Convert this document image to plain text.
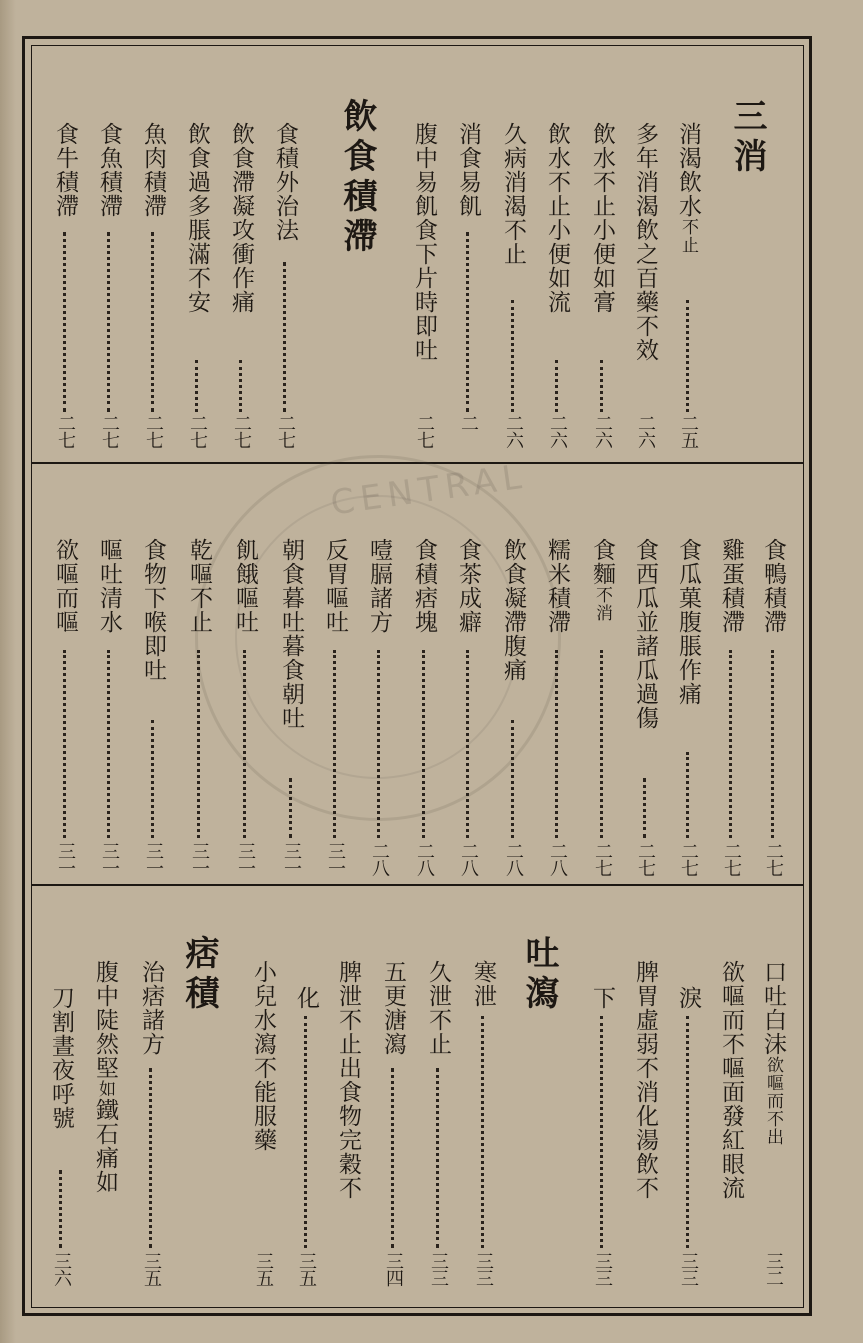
CENTRAL
三消
消渴飲水不止
二五
多年消渴飲之百藥不效
二六
飲水不止小便如膏
二六
飲水不止小便如流
二六
久病消渴不止
二六
消食易飢
二
腹中易飢食下片時即吐
二七
飲食積滯
食積外治法
二七
飲食滯凝攻衝作痛
二七
飲食過多脹滿不安
二七
魚肉積滯
二七
食魚積滯
二七
食牛積滯
二七
食鴨積滯
二七
雞蛋積滯
二七
食瓜菓腹脹作痛
二七
食西瓜並諸瓜過傷
二七
食麵不消
二七
糯米積滯
二八
飲食凝滯腹痛
二八
食茶成癖
二八
食積痞塊
二八
噎膈諸方
二八
反胃嘔吐
三一
朝食暮吐暮食朝吐
三一
飢餓嘔吐
三一
乾嘔不止
三一
食物下喉即吐
三一
嘔吐清水
三一
欲嘔而嘔
三一
口吐白沫欲嘔而不出
三二
欲嘔而不嘔面發紅眼流
淚
三三
脾胃虛弱不消化湯飲不
下
三三
吐瀉
寒泄
三三
久泄不止
三三
五更溏瀉
三四
脾泄不止出食物完穀不
化
三五
小兒水瀉不能服藥
三五
痞積
治痞諸方
三五
腹中陡然堅如鐵石痛如
刀割晝夜呼號
三六
